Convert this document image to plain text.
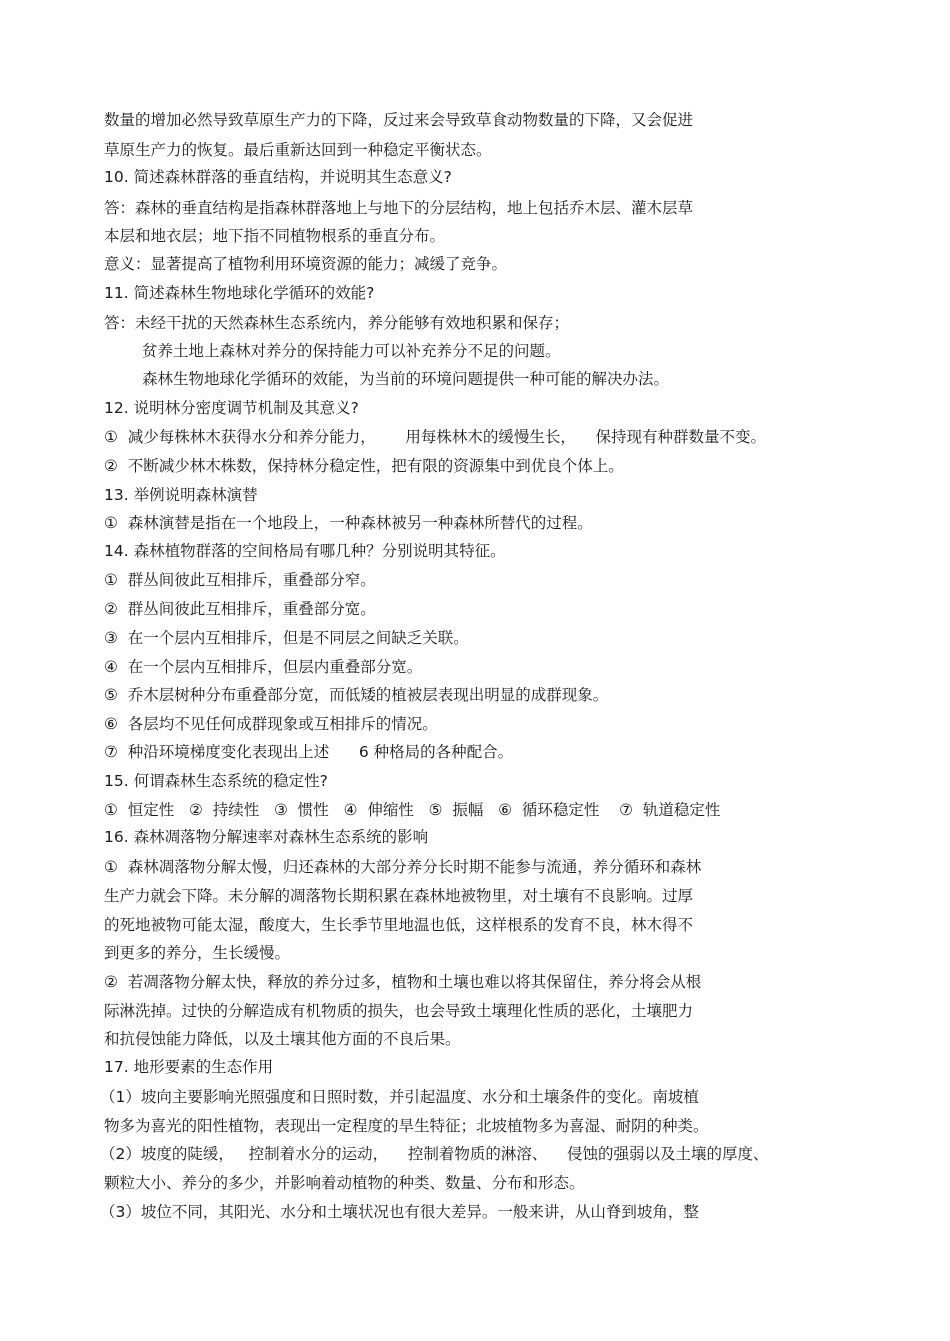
数量的增加必然导致草原生产力的下降，反过来会导致草食动物数量的下降，又会促进
草原生产力的恢复。最后重新达回到一种稳定平衡状态。
10. 简述森林群落的垂直结构，并说明其生态意义?
答：森林的垂直结构是指森林群落地上与地下的分层结构，地上包括乔木层、灌木层草
本层和地衣层；地下指不同植物根系的垂直分布。
意义：显著提高了植物利用环境资源的能力；减缓了竞争。
11. 简述森林生物地球化学循环的效能?
答：未经干扰的天然森林生态系统内，养分能够有效地积累和保存；
贫养土地上森林对养分的保持能力可以补充养分不足的问题。
森林生物地球化学循环的效能，为当前的环境问题提供一种可能的解决办法。
12. 说明林分密度调节机制及其意义?
①  减少每株林木获得水分和养分能力，      用每株林木的缓慢生长，    保持现有种群数量不变。
②  不断减少林木株数，保持林分稳定性，把有限的资源集中到优良个体上。
13. 举例说明森林演替
①  森林演替是指在一个地段上，一种森林被另一种森林所替代的过程。
14. 森林植物群落的空间格局有哪几种？分别说明其特征。
①  群丛间彼此互相排斥，重叠部分窄。
②  群丛间彼此互相排斥，重叠部分宽。
③  在一个层内互相排斥，但是不同层之间缺乏关联。
④  在一个层内互相排斥，但层内重叠部分宽。
⑤  乔木层树种分布重叠部分宽，而低矮的植被层表现出明显的成群现象。
⑥  各层均不见任何成群现象或互相排斥的情况。
⑦  种沿环境梯度变化表现出上述      6 种格局的各种配合。
15. 何谓森林生态系统的稳定性?
①  恒定性   ②  持续性   ③  惯性   ④  伸缩性   ⑤  振幅   ⑥  循环稳定性    ⑦  轨道稳定性
16. 森林凋落物分解速率对森林生态系统的影响
①  森林凋落物分解太慢，归还森林的大部分养分长时期不能参与流通，养分循环和森林
生产力就会下降。未分解的凋落物长期积累在森林地被物里，对土壤有不良影响。过厚
的死地被物可能太湿，酸度大，生长季节里地温也低，这样根系的发育不良，林木得不
到更多的养分，生长缓慢。
②  若凋落物分解太快，释放的养分过多，植物和土壤也难以将其保留住，养分将会从根
际淋洗掉。过快的分解造成有机物质的损失，也会导致土壤理化性质的恶化，土壤肥力
和抗侵蚀能力降低，以及土壤其他方面的不良后果。
17. 地形要素的生态作用
（1）坡向主要影响光照强度和日照时数，并引起温度、水分和土壤条件的变化。南坡植
物多为喜光的阳性植物，表现出一定程度的旱生特征；北坡植物多为喜湿、耐阴的种类。
（2）坡度的陡缓，   控制着水分的运动，    控制着物质的淋溶、    侵蚀的强弱以及土壤的厚度、
颗粒大小、养分的多少，并影响着动植物的种类、数量、分布和形态。
（3）坡位不同，其阳光、水分和土壤状况也有很大差异。一般来讲，从山脊到坡角，整
